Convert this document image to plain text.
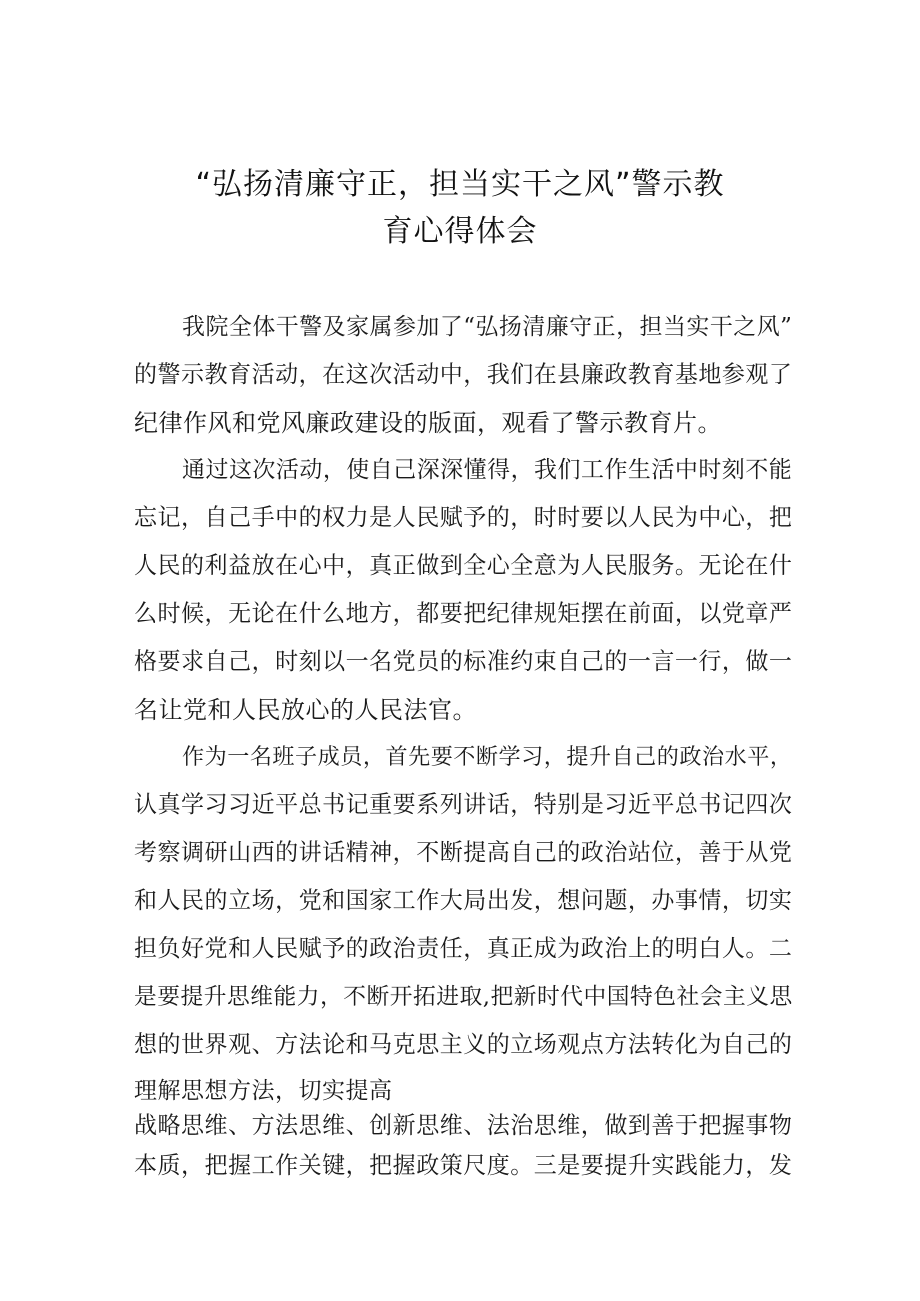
“弘扬清廉守正，担当实干之风”警示教
育心得体会
我院全体干警及家属参加了“弘扬清廉守正，担当实干之风”
的警示教育活动，在这次活动中，我们在县廉政教育基地参观了
纪律作风和党风廉政建设的版面，观看了警示教育片。
通过这次活动，使自己深深懂得，我们工作生活中时刻不能
忘记，自己手中的权力是人民赋予的，时时要以人民为中心，把
人民的利益放在心中，真正做到全心全意为人民服务。无论在什
么时候，无论在什么地方，都要把纪律规矩摆在前面，以党章严
格要求自己，时刻以一名党员的标准约束自己的一言一行，做一
名让党和人民放心的人民法官。
作为一名班子成员，首先要不断学习，提升自己的政治水平，
认真学习习近平总书记重要系列讲话，特别是习近平总书记四次
考察调研山西的讲话精神，不断提高自己的政治站位，善于从党
和人民的立场，党和国家工作大局出发，想问题，办事情，切实
担负好党和人民赋予的政治责任，真正成为政治上的明白人。二
是要提升思维能力，不断开拓进取,把新时代中国特色社会主义思
想的世界观、方法论和马克思主义的立场观点方法转化为自己的
理解思想方法，切实提高
战略思维、方法思维、创新思维、法治思维，做到善于把握事物
本质，把握工作关键，把握政策尺度。三是要提升实践能力，发
